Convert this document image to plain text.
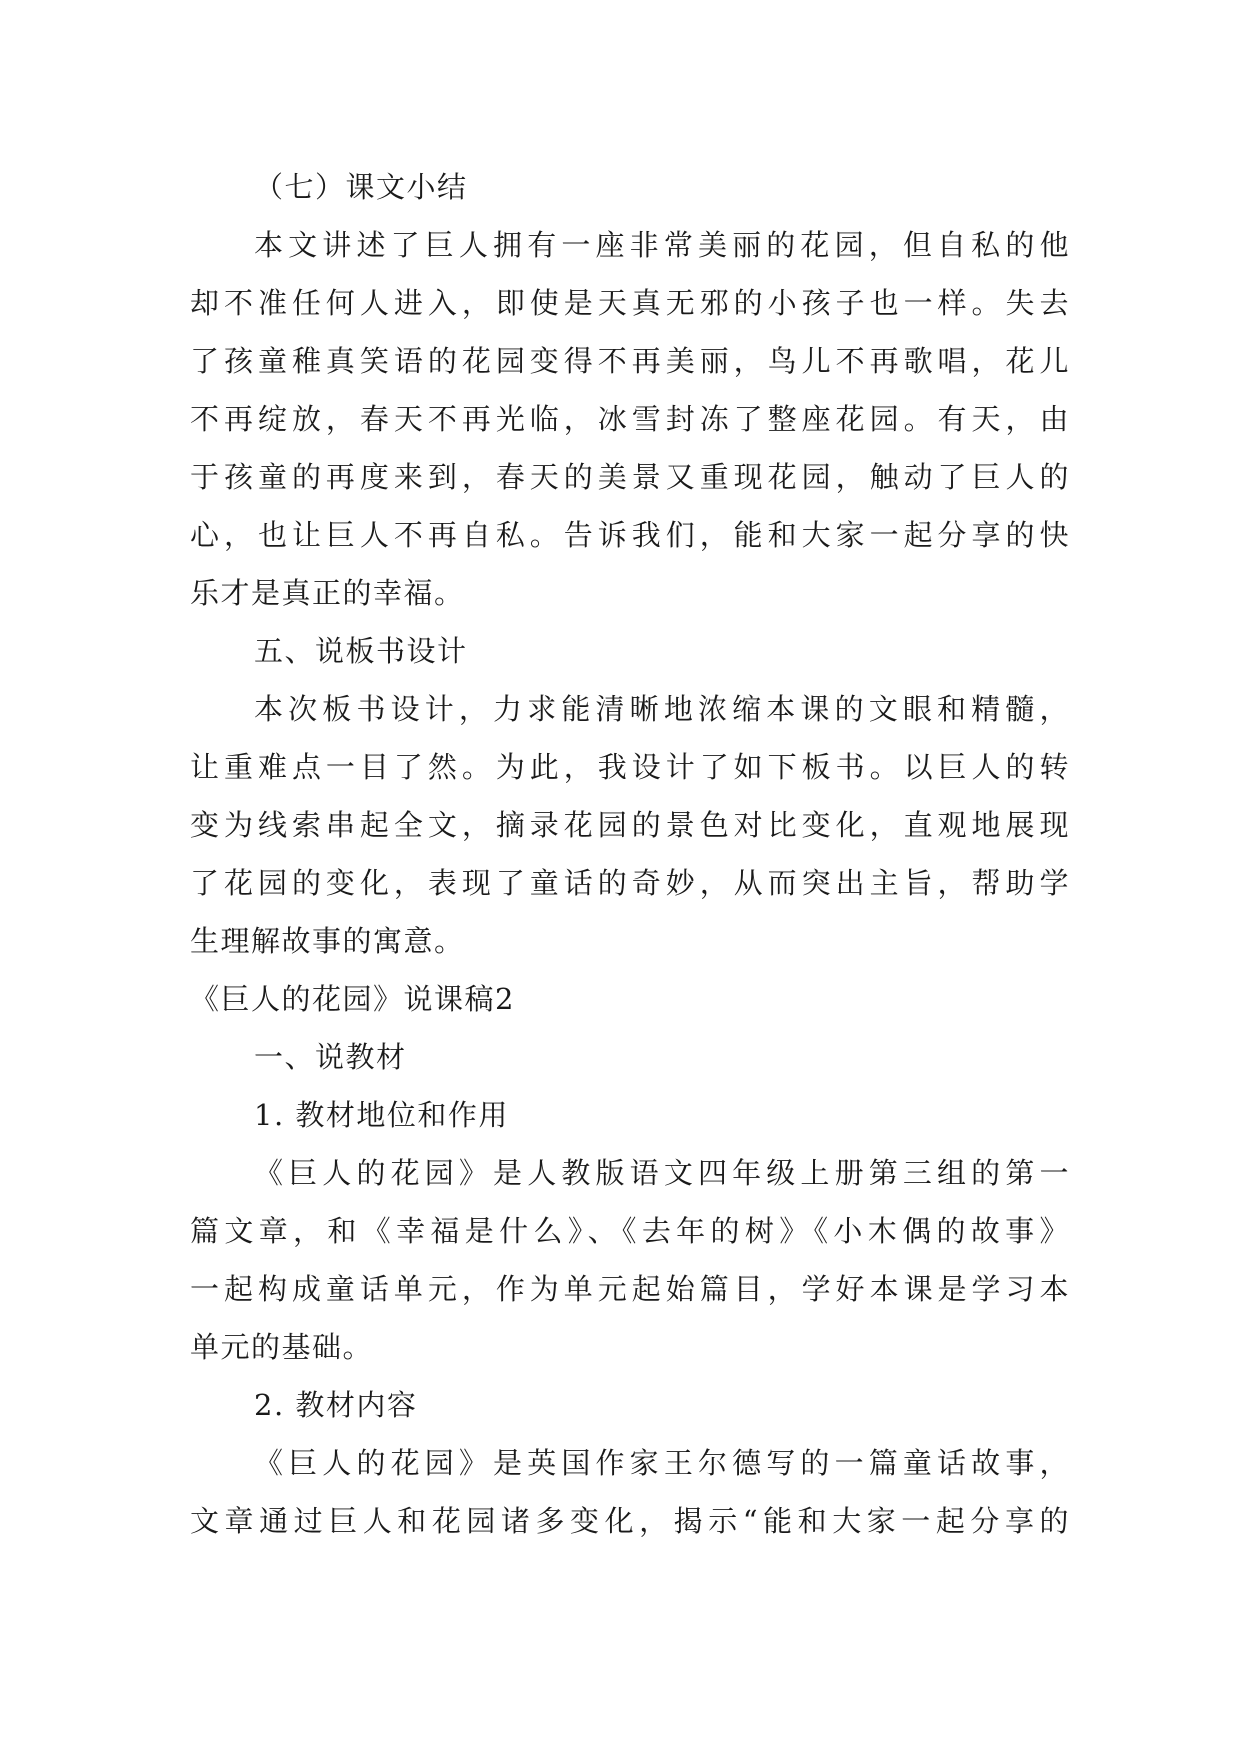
（七）课文小结
本文讲述了巨人拥有一座非常美丽的花园，但自私的他
却不准任何人进入，即使是天真无邪的小孩子也一样。失去
了孩童稚真笑语的花园变得不再美丽，鸟儿不再歌唱，花儿
不再绽放，春天不再光临，冰雪封冻了整座花园。有天，由
于孩童的再度来到，春天的美景又重现花园，触动了巨人的
心，也让巨人不再自私。告诉我们，能和大家一起分享的快
乐才是真正的幸福。
五、说板书设计
本次板书设计，力求能清晰地浓缩本课的文眼和精髓，
让重难点一目了然。为此，我设计了如下板书。以巨人的转
变为线索串起全文，摘录花园的景色对比变化，直观地展现
了花园的变化，表现了童话的奇妙，从而突出主旨，帮助学
生理解故事的寓意。
《巨人的花园》说课稿2
一、说教材
1. 教材地位和作用
《巨人的花园》是人教版语文四年级上册第三组的第一
篇文章，和《幸福是什么》、《去年的树》《小木偶的故事》
一起构成童话单元，作为单元起始篇目，学好本课是学习本
单元的基础。
2. 教材内容
《巨人的花园》是英国作家王尔德写的一篇童话故事，
文章通过巨人和花园诸多变化，揭示“能和大家一起分享的
